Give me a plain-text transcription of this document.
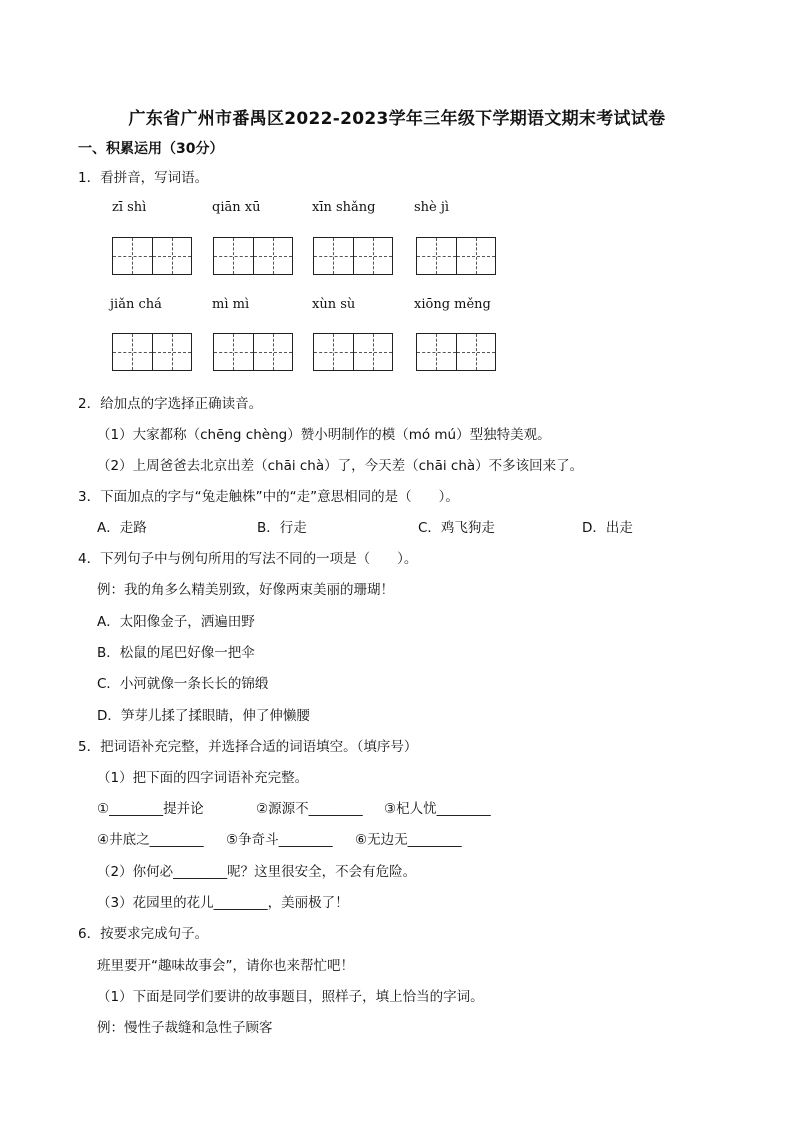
广东省广州市番禺区2022-2023学年三年级下学期语文期末考试试卷
一、积累运用（30分）
1．看拼音，写词语。
zī shì	qiān xū	xīn shǎng	shè jì
jiǎn chá	mì mì	xùn sù	xiōng měng
2．给加点的字选择正确读音。
（1）大家都称（chēng chèng）赞小明制作的模（mó mú）型独特美观。
（2）上周爸爸去北京出差（chāi chà）了，今天差（chāi chà）不多该回来了。
3．下面加点的字与“兔走触株”中的“走”意思相同的是（　　）。
A．走路	B．行走	C．鸡飞狗走	D．出走
4．下列句子中与例句所用的写法不同的一项是（　　）。
例：我的角多么精美别致，好像两束美丽的珊瑚！
A．太阳像金子，洒遍田野
B．松鼠的尾巴好像一把伞
C．小河就像一条长长的锦缎
D．笋芽儿揉了揉眼睛，伸了伸懒腰
5．把词语补充完整，并选择合适的词语填空。（填序号）
（1）把下面的四字词语补充完整。
①________提并论	②源源不________ ③杞人忧________
④井底之________ ⑤争奇斗________ ⑥无边无________
（2）你何必________呢？这里很安全，不会有危险。
（3）花园里的花儿________，美丽极了！
6．按要求完成句子。
班里要开“趣味故事会”，请你也来帮忙吧！
（1）下面是同学们要讲的故事题目，照样子，填上恰当的字词。
例：慢性子裁缝和急性子顾客
